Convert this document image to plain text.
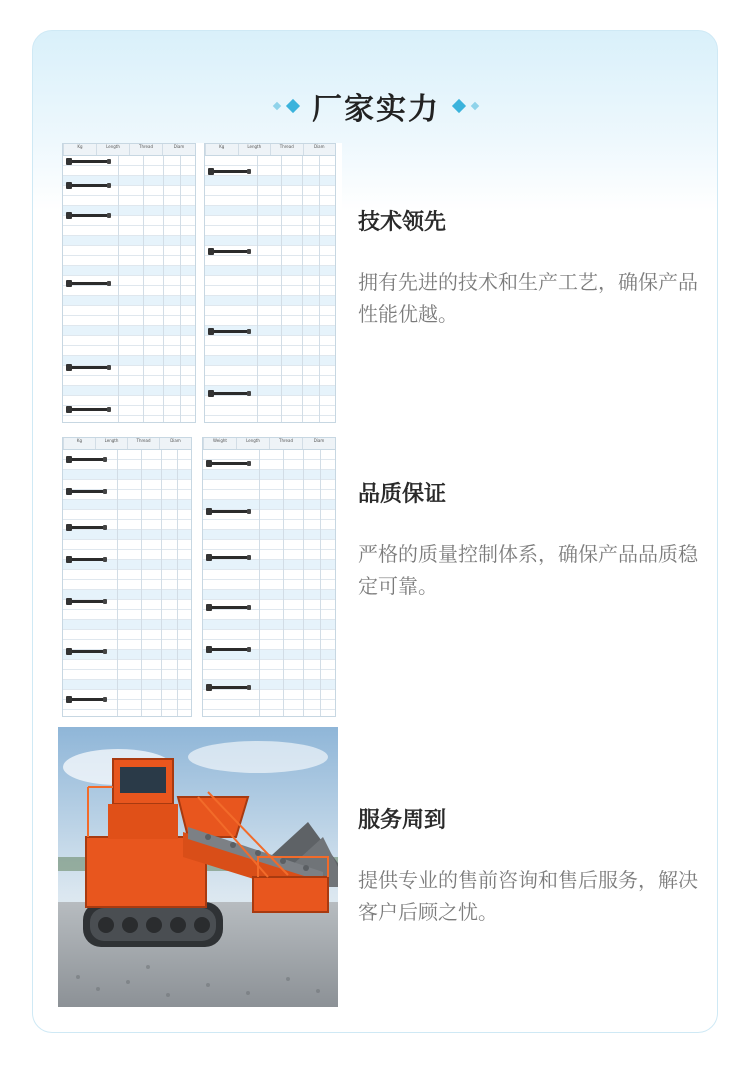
厂家实力
Kg	Length	Thread	Diam	Kg	Length	Thread	Diam
技术领先

拥有先进的技术和生产工艺，确保产品性能优越。

Kg	Length	Thread	Diam	Weight	Length	Thread	Diam
品质保证

严格的质量控制体系，确保产品品质稳定可靠。

服务周到

提供专业的售前咨询和售后服务，解决客户后顾之忧。
